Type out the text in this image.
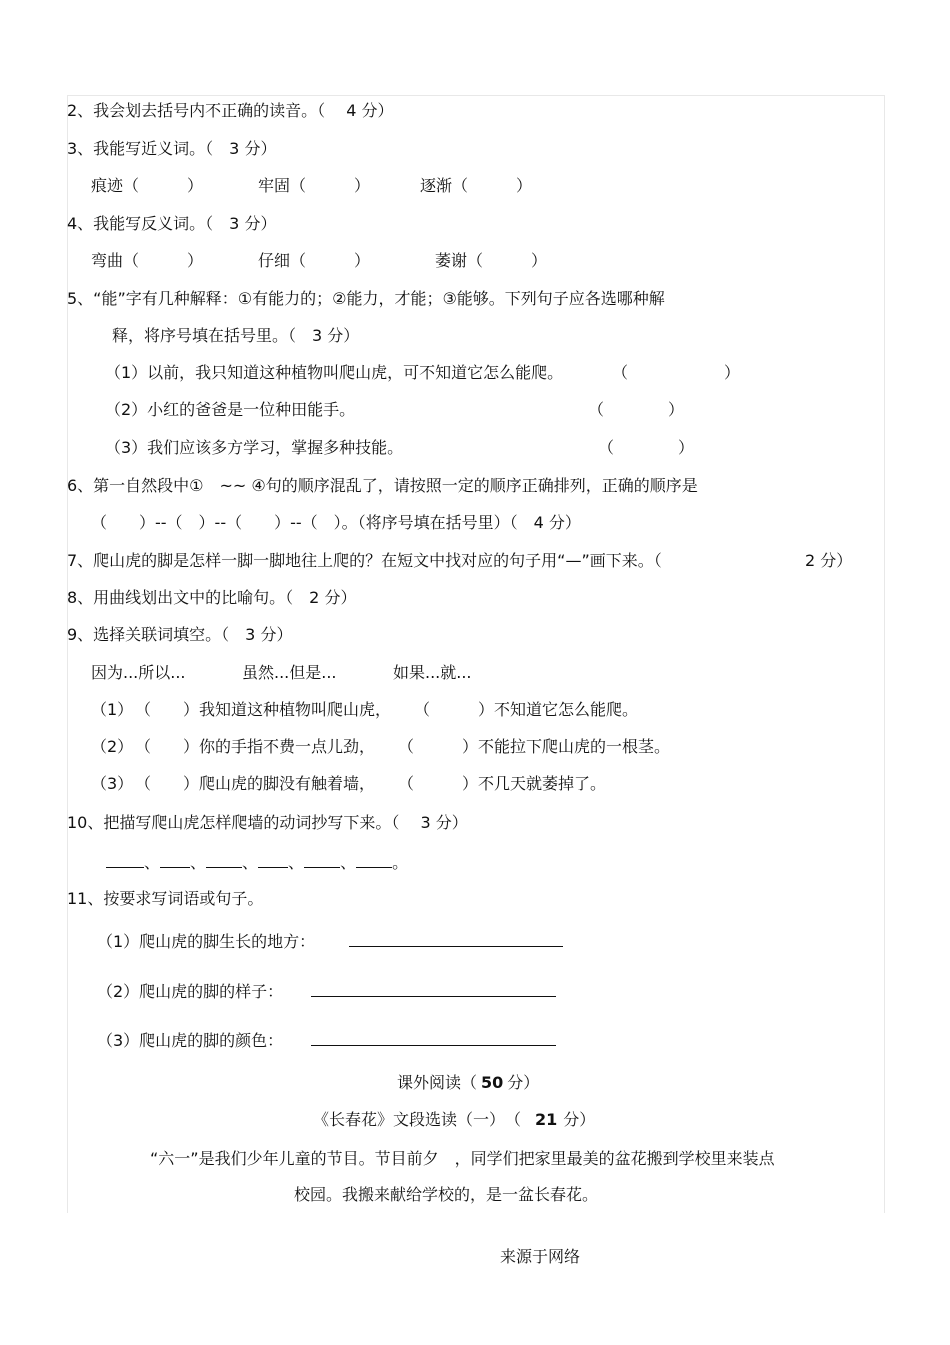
2、我会划去括号内不正确的读音。（　 4 分）
3、我能写近义词。（　3 分）
痕迹（　　　）	牢固（　　　）	逐渐（　　　）
4、我能写反义词。（　3 分）
弯曲（　　　）	仔细（　　　）	萎谢（　　　）
5、“能”字有几种解释：①有能力的；②能力，才能；③能够。下列句子应各选哪种解
释，将序号填在括号里。（　3 分）
（1）以前，我只知道这种植物叫爬山虎，可不知道它怎么能爬。	（　　　　　　）
（2）小红的爸爸是一位种田能手。	（　　　　）
（3）我们应该多方学习，掌握多种技能。	（　　　　）
6、第一自然段中①　~~ ④句的顺序混乱了，请按照一定的顺序正确排列，正确的顺序是
（　　）--（　）--（　　）--（　）。（将序号填在括号里）（　4 分）
7、爬山虎的脚是怎样一脚一脚地往上爬的？在短文中找对应的句子用“—”画下来。（	2 分）
8、用曲线划出文中的比喻句。（　2 分）
9、选择关联词填空。（　3 分）
因为...所以...	虽然...但是...	如果...就...
（1） （　　）我知道这种植物叫爬山虎， （　　　）不知道它怎么能爬。
（2） （　　）你的手指不费一点儿劲， （　　　）不能拉下爬山虎的一根茎。
（3） （　　）爬山虎的脚没有触着墙， （　　　）不几天就萎掉了。
10、把描写爬山虎怎样爬墙的动词抄写下来。（　 3 分）
、 、 、 、 、 。
11、按要求写词语或句子。
（1）爬山虎的脚生长的地方：
（2）爬山虎的脚的样子：
（3）爬山虎的脚的颜色：
课外阅读（ 50 分）
《长春花》文段选读（一）　（ 21 分）
“六一”是我们少年儿童的节目。节目前夕　，同学们把家里最美的盆花搬到学校里来装点
校园。我搬来献给学校的，是一盆长春花。
来源于网络
